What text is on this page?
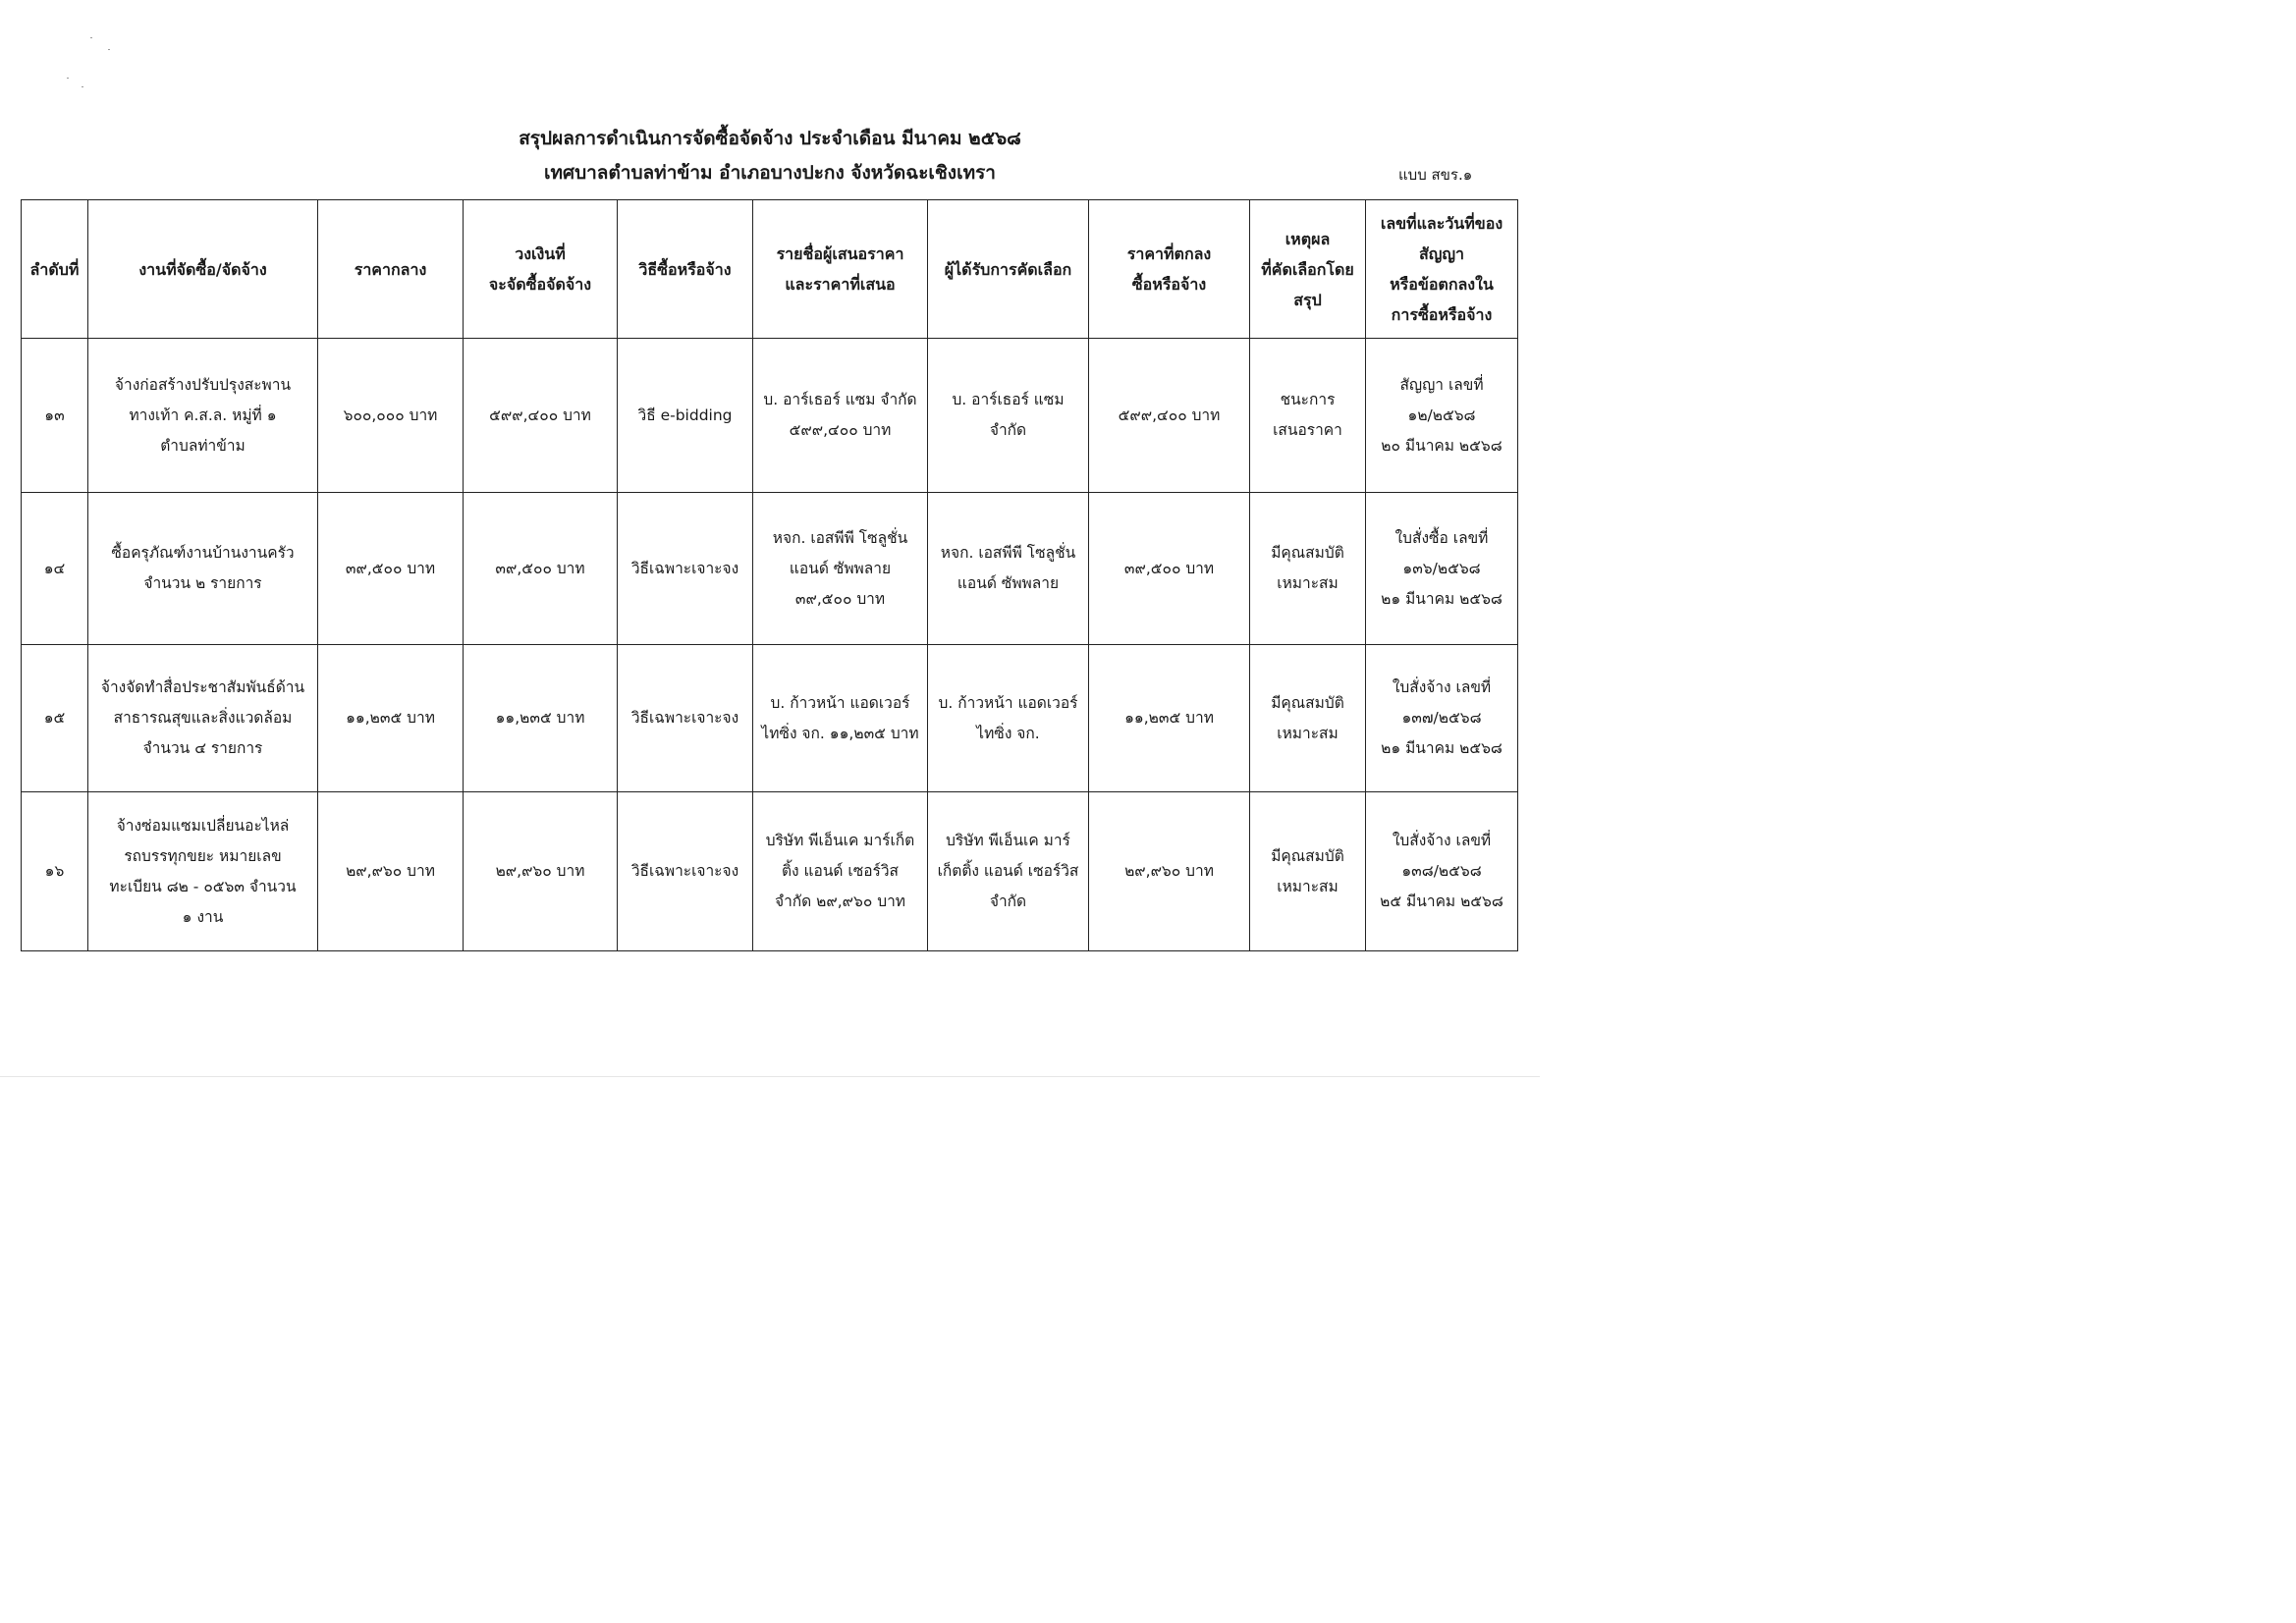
สรุปผลการดำเนินการจัดซื้อจัดจ้าง ประจำเดือน มีนาคม ๒๕๖๘
เทศบาลตำบลท่าข้าม อำเภอบางปะกง จังหวัดฉะเชิงเทรา	แบบ สขร.๑
ลำดับที่	งานที่จัดซื้อ/จัดจ้าง	ราคากลาง	วงเงินที่
จะจัดซื้อจัดจ้าง	วิธีซื้อหรือจ้าง	รายชื่อผู้เสนอราคา
และราคาที่เสนอ	ผู้ได้รับการคัดเลือก	ราคาที่ตกลง
ซื้อหรือจ้าง	เหตุผล
ที่คัดเลือกโดย
สรุป	เลขที่และวันที่ของ
สัญญา
หรือข้อตกลงใน
การซื้อหรือจ้าง
๑๓	จ้างก่อสร้างปรับปรุงสะพาน
ทางเท้า ค.ส.ล. หมู่ที่ ๑
ตำบลท่าข้าม	๖๐๐,๐๐๐ บาท	๕๙๙,๔๐๐ บาท	วิธี e-bidding	บ. อาร์เธอร์ แซม จำกัด
๕๙๙,๔๐๐ บาท	บ. อาร์เธอร์ แซม
จำกัด	๕๙๙,๔๐๐ บาท	ชนะการ
เสนอราคา	สัญญา เลขที่
๑๒/๒๕๖๘
๒๐ มีนาคม ๒๕๖๘
๑๔	ซื้อครุภัณฑ์งานบ้านงานครัว
จำนวน ๒ รายการ	๓๙,๕๐๐ บาท	๓๙,๕๐๐ บาท	วิธีเฉพาะเจาะจง	หจก. เอสพีพี โซลูชั่น
แอนด์ ซัพพลาย
๓๙,๕๐๐ บาท	หจก. เอสพีพี โซลูชั่น
แอนด์ ซัพพลาย	๓๙,๕๐๐ บาท	มีคุณสมบัติ
เหมาะสม	ใบสั่งซื้อ เลขที่
๑๓๖/๒๕๖๘
๒๑ มีนาคม ๒๕๖๘
๑๕	จ้างจัดทำสื่อประชาสัมพันธ์ด้าน
สาธารณสุขและสิ่งแวดล้อม
จำนวน ๔ รายการ	๑๑,๒๓๕ บาท	๑๑,๒๓๕ บาท	วิธีเฉพาะเจาะจง	บ. ก้าวหน้า แอดเวอร์
ไทซิ่ง จก. ๑๑,๒๓๕ บาท	บ. ก้าวหน้า แอดเวอร์
ไทซิ่ง จก.	๑๑,๒๓๕ บาท	มีคุณสมบัติ
เหมาะสม	ใบสั่งจ้าง เลขที่
๑๓๗/๒๕๖๘
๒๑ มีนาคม ๒๕๖๘
๑๖	จ้างซ่อมแซมเปลี่ยนอะไหล่
รถบรรทุกขยะ หมายเลข
ทะเบียน ๘๒ - ๐๕๖๓ จำนวน
๑ งาน	๒๙,๙๖๐ บาท	๒๙,๙๖๐ บาท	วิธีเฉพาะเจาะจง	บริษัท พีเอ็นเค มาร์เก็ต
ติ้ง แอนด์ เซอร์วิส
จำกัด ๒๙,๙๖๐ บาท	บริษัท พีเอ็นเค มาร์
เก็ตติ้ง แอนด์ เซอร์วิส
จำกัด	๒๙,๙๖๐ บาท	มีคุณสมบัติ
เหมาะสม	ใบสั่งจ้าง เลขที่
๑๓๘/๒๕๖๘
๒๕ มีนาคม ๒๕๖๘
